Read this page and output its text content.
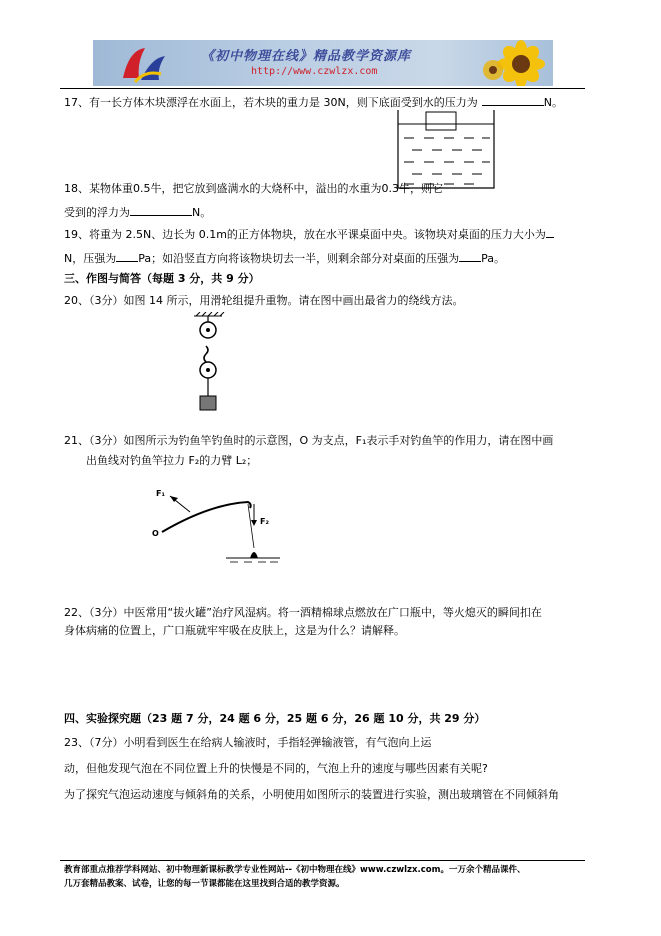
《初中物理在线》精品教学资源库
http://www.czwlzx.com
17、有一长方体木块漂浮在水面上，若木块的重力是 30N，则下底面受到水的压力为	N。
18、某物体重0.5牛，把它放到盛满水的大烧杯中，溢出的水重为0.3牛，则它
受到的浮力为	N。
19、将重为 2.5N、边长为 0.1m的正方体物块，放在水平课桌面中央。该物块对桌面的压力大小为
N，压强为 Pa；如沿竖直方向将该物块切去一半，则剩余部分对桌面的压强为 Pa。
三、作图与简答（每题 3 分，共 9 分）
20、（3分）如图 14 所示，用滑轮组提升重物。请在图中画出最省力的绕线方法。
21、（3分）如图所示为钓鱼竿钓鱼时的示意图，O 为支点，F₁表示手对钓鱼竿的作用力，请在图中画
出鱼线对钓鱼竿拉力 F₂的力臂 L₂；
F₁
O
F₂
22、（3分）中医常用“拔火罐”治疗风湿病。将一酒精棉球点燃放在广口瓶中，等火熄灭的瞬间扣在
身体病痛的位置上，广口瓶就牢牢吸在皮肤上，这是为什么？请解释。
四、实验探究题（23 题 7 分，24 题 6 分，25 题 6 分，26 题 10 分，共 29 分）
23、（7分）小明看到医生在给病人输液时，手指轻弹输液管，有气泡向上运
动，但他发现气泡在不同位置上升的快慢是不同的，气泡上升的速度与哪些因素有关呢?
为了探究气泡运动速度与倾斜角的关系，小明使用如图所示的装置进行实验，测出玻璃管在不同倾斜角
教育部重点推荐学科网站、初中物理新课标教学专业性网站--《初中物理在线》www.czwlzx.com。一万余个精品课件、
几万套精品教案、试卷，让您的每一节课都能在这里找到合适的教学资源。
